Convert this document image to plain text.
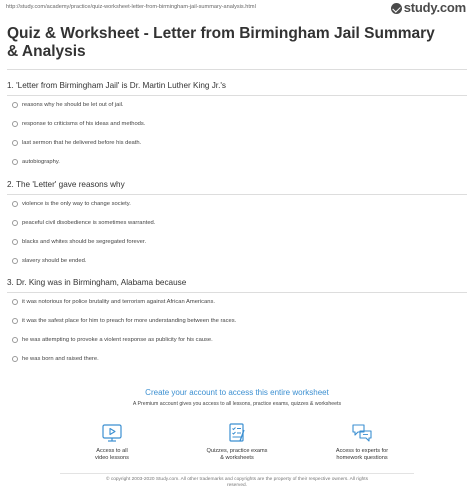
http://study.com/academy/practice/quiz-worksheet-letter-from-birmingham-jail-summary-analysis.html	study.com
Quiz & Worksheet - Letter from Birmingham Jail Summary & Analysis
1. 'Letter from Birmingham Jail' is Dr. Martin Luther King Jr.'s
reasons why he should be let out of jail.
response to criticisms of his ideas and methods.
last sermon that he delivered before his death.
autobiography.
2. The 'Letter' gave reasons why
violence is the only way to change society.
peaceful civil disobedience is sometimes warranted.
blacks and whites should be segregated forever.
slavery should be ended.
3. Dr. King was in Birmingham, Alabama because
it was notorious for police brutality and terrorism against African Americans.
it was the safest place for him to preach for more understanding between the races.
he was attempting to provoke a violent response as publicity for his cause.
he was born and raised there.
Create your account to access this entire worksheet
A Premium account gives you access to all lessons, practice exams, quizzes & worksheets
Access to all
video lessons
Quizzes, practice exams
& worksheets
Access to experts for
homework questions
© copyright 2003-2020 Study.com. All other trademarks and copyrights are the property of their respective owners. All rights
reserved.
